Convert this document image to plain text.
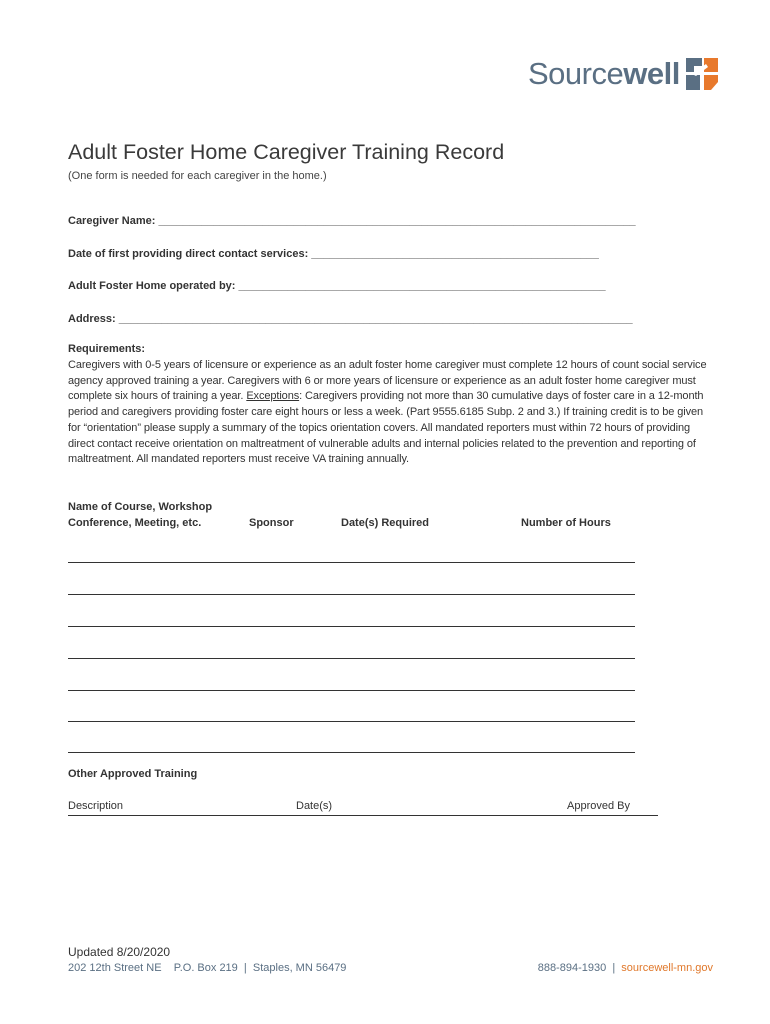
Sourcewell
Adult Foster Home Caregiver Training Record
(One form is needed for each caregiver in the home.)
Caregiver Name: ______________________________________________________________________________
Date of first providing direct contact services: _______________________________________________
Adult Foster Home operated by: ____________________________________________________________
Address: ____________________________________________________________________________________
Requirements:
Caregivers with 0-5 years of licensure or experience as an adult foster home caregiver must complete 12 hours of count social service agency approved training a year. Caregivers with 6 or more years of licensure or experience as an adult foster home caregiver must complete six hours of training a year. Exceptions: Caregivers providing not more than 30 cumulative days of foster care in a 12-month period and caregivers providing foster care eight hours or less a week. (Part 9555.6185 Subp. 2 and 3.) If training credit is to be given for “orientation” please supply a summary of the topics orientation covers. All mandated reporters must within 72 hours of providing direct contact receive orientation on maltreatment of vulnerable adults and internal policies related to the prevention and reporting of maltreatment. All mandated reporters must receive VA training annually.
Name of Course, Workshop
Conference, Meeting, etc.	Sponsor	Date(s) Required	Number of Hours
Other Approved Training
Description	Date(s)	Approved By
Updated 8/20/2020
202 12th Street NE    P.O. Box 219  |  Staples, MN 56479	888-894-1930  |  sourcewell-mn.gov
